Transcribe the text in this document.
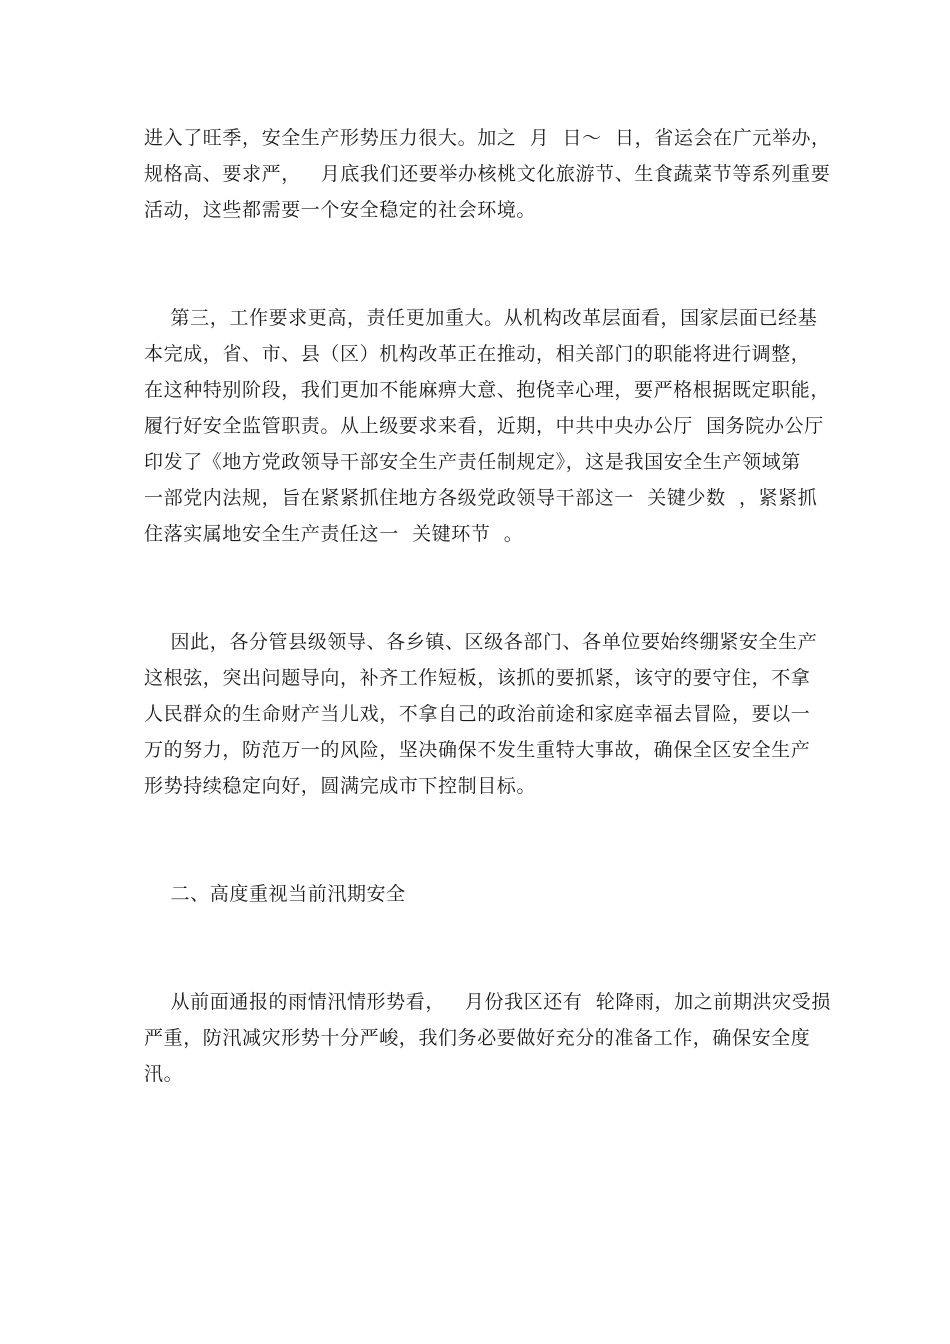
进入了旺季，安全生产形势压力很大。加之  月  日～  日，省运会在广元举办，
规格高、要求严，   月底我们还要举办核桃文化旅游节、生食蔬菜节等系列重要
活动，这些都需要一个安全稳定的社会环境。
第三，工作要求更高，责任更加重大。从机构改革层面看，国家层面已经基
本完成，省、市、县（区）机构改革正在推动，相关部门的职能将进行调整，
在这种特别阶段，我们更加不能麻痹大意、抱侥幸心理，要严格根据既定职能，
履行好安全监管职责。从上级要求来看，近期，中共中央办公厅  国务院办公厅
印发了《地方党政领导干部安全生产责任制规定》，这是我国安全生产领域第
一部党内法规，旨在紧紧抓住地方各级党政领导干部这一  关键少数  ，紧紧抓
住落实属地安全生产责任这一  关键环节  。
因此，各分管县级领导、各乡镇、区级各部门、各单位要始终绷紧安全生产
这根弦，突出问题导向，补齐工作短板，该抓的要抓紧，该守的要守住，不拿
人民群众的生命财产当儿戏，不拿自己的政治前途和家庭幸福去冒险，要以一
万的努力，防范万一的风险，坚决确保不发生重特大事故，确保全区安全生产
形势持续稳定向好，圆满完成市下控制目标。
二、高度重视当前汛期安全
从前面通报的雨情汛情形势看，   月份我区还有  轮降雨，加之前期洪灾受损
严重，防汛减灾形势十分严峻，我们务必要做好充分的准备工作，确保安全度
汛。
